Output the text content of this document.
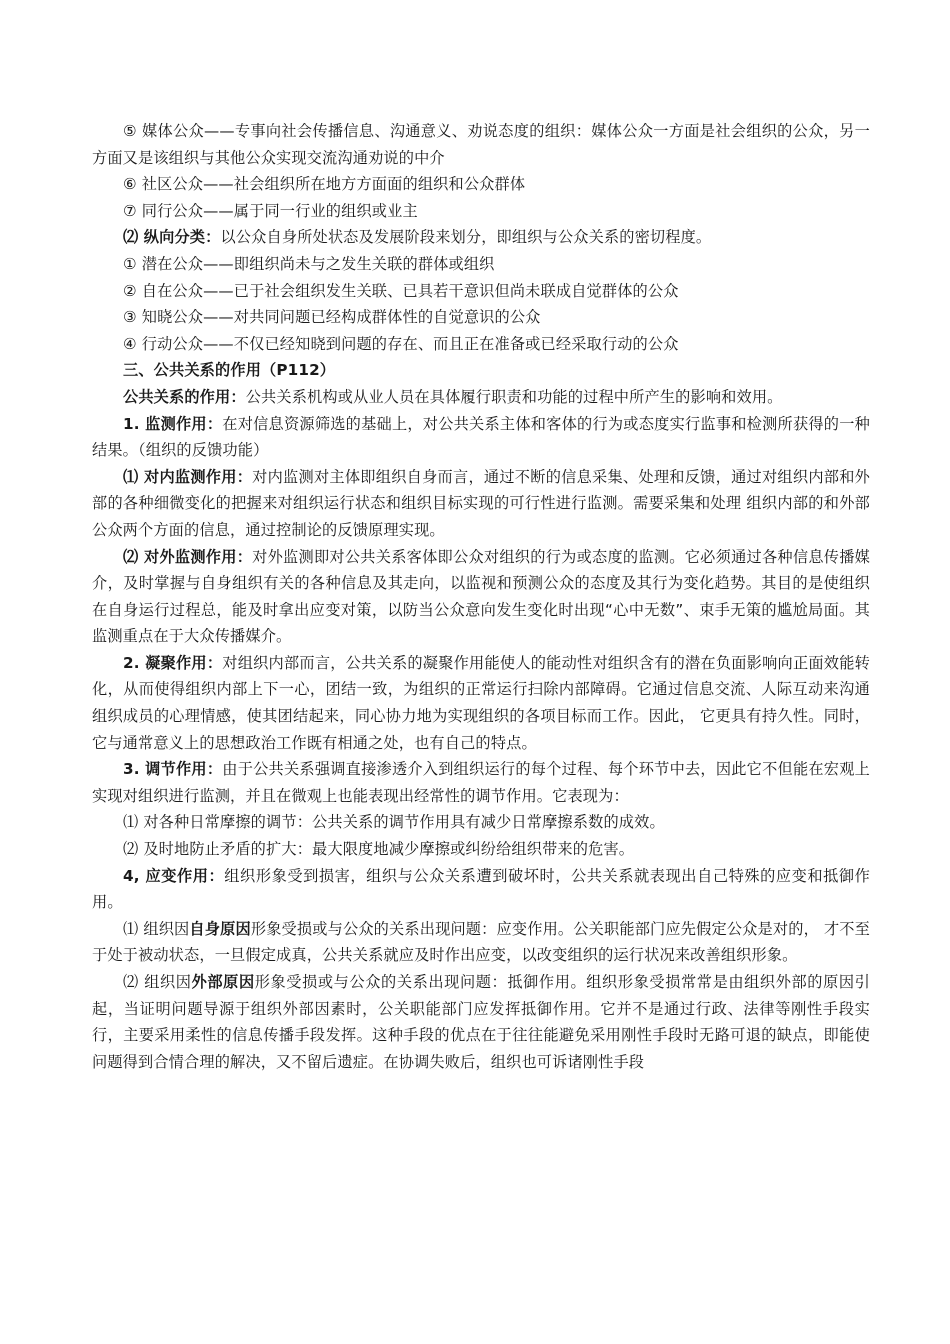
⑤ 媒体公众——专事向社会传播信息、沟通意义、劝说态度的组织：媒体公众一方面是社会组织的公众，另一方面又是该组织与其他公众实现交流沟通劝说的中介

⑥ 社区公众——社会组织所在地方方面面的组织和公众群体

⑦ 同行公众——属于同一行业的组织或业主

⑵ 纵向分类：以公众自身所处状态及发展阶段来划分，即组织与公众关系的密切程度。

① 潜在公众——即组织尚未与之发生关联的群体或组织

② 自在公众——已于社会组织发生关联、已具若干意识但尚未联成自觉群体的公众

③ 知晓公众——对共同问题已经构成群体性的自觉意识的公众

④ 行动公众——不仅已经知晓到问题的存在、而且正在准备或已经采取行动的公众

三、公共关系的作用（P112）

公共关系的作用：公共关系机构或从业人员在具体履行职责和功能的过程中所产生的影响和效用。

1. 监测作用：在对信息资源筛选的基础上，对公共关系主体和客体的行为或态度实行监事和检测所获得的一种结果。（组织的反馈功能）

⑴ 对内监测作用：对内监测对主体即组织自身而言，通过不断的信息采集、处理和反馈，通过对组织内部和外部的各种细微变化的把握来对组织运行状态和组织目标实现的可行性进行监测。需要采集和处理 组织内部的和外部公众两个方面的信息，通过控制论的反馈原理实现。

⑵ 对外监测作用：对外监测即对公共关系客体即公众对组织的行为或态度的监测。它必须通过各种信息传播媒介，及时掌握与自身组织有关的各种信息及其走向，以监视和预测公众的态度及其行为变化趋势。其目的是使组织在自身运行过程总，能及时拿出应变对策，以防当公众意向发生变化时出现“心中无数”、束手无策的尴尬局面。其监测重点在于大众传播媒介。

2. 凝聚作用：对组织内部而言，公共关系的凝聚作用能使人的能动性对组织含有的潜在负面影响向正面效能转化，从而使得组织内部上下一心，团结一致，为组织的正常运行扫除内部障碍。它通过信息交流、人际互动来沟通组织成员的心理情感，使其团结起来，同心协力地为实现组织的各项目标而工作。因此， 它更具有持久性。同时，它与通常意义上的思想政治工作既有相通之处，也有自己的特点。

3. 调节作用：由于公共关系强调直接渗透介入到组织运行的每个过程、每个环节中去，因此它不但能在宏观上实现对组织进行监测，并且在微观上也能表现出经常性的调节作用。它表现为：

⑴ 对各种日常摩擦的调节：公共关系的调节作用具有减少日常摩擦系数的成效。

⑵ 及时地防止矛盾的扩大：最大限度地减少摩擦或纠纷给组织带来的危害。

4, 应变作用：组织形象受到损害，组织与公众关系遭到破坏时，公共关系就表现出自己特殊的应变和抵御作用。

⑴ 组织因自身原因形象受损或与公众的关系出现问题：应变作用。公关职能部门应先假定公众是对的， 才不至于处于被动状态，一旦假定成真，公共关系就应及时作出应变，以改变组织的运行状况来改善组织形象。

⑵ 组织因外部原因形象受损或与公众的关系出现问题：抵御作用。组织形象受损常常是由组织外部的原因引起，当证明问题导源于组织外部因素时，公关职能部门应发挥抵御作用。它并不是通过行政、法律等刚性手段实行，主要采用柔性的信息传播手段发挥。这种手段的优点在于往往能避免采用刚性手段时无路可退的缺点，即能使问题得到合情合理的解决，又不留后遗症。在协调失败后，组织也可诉诸刚性手段
